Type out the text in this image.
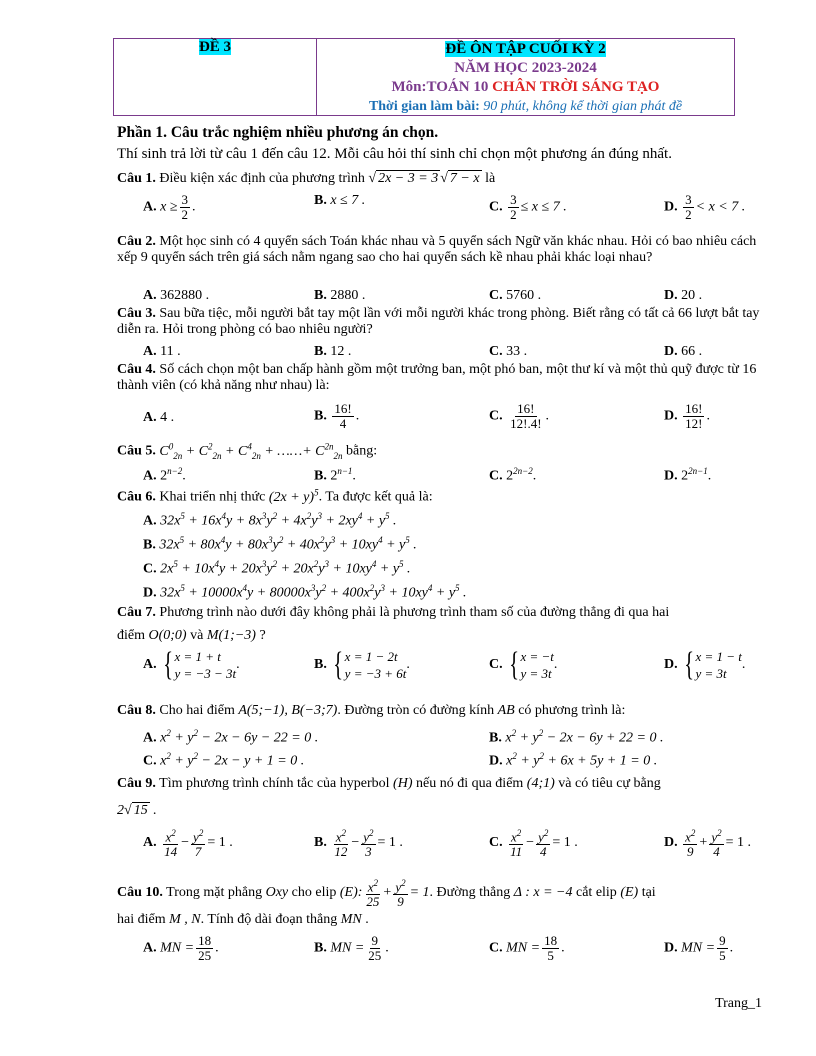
ĐỀ 3	ĐỀ ÔN TẬP CUỐI KỲ 2
NĂM HỌC 2023-2024
Môn:TOÁN 10 CHÂN TRỜI SÁNG TẠO
Thời gian làm bài: 90 phút, không kể thời gian phát đề
Phần 1. Câu trắc nghiệm nhiều phương án chọn.
Thí sinh trả lời từ câu 1 đến câu 12. Mỗi câu hỏi thí sinh chỉ chọn một phương án đúng nhất.
Câu 1. Điều kiện xác định của phương trình √ 2x − 3 = 3 √ 7 − x là
A. $x \ge \frac{3}{2}$ .	B. x ≤ 7 .	C. $\frac{3}{2} \le x \le 7$ .	D. $\frac{3}{2} < x < 7$ .
Câu 2. Một học sinh có 4 quyển sách Toán khác nhau và 5 quyển sách Ngữ văn khác nhau. Hỏi có bao nhiêu cách xếp 9 quyển sách trên giá sách nằm ngang sao cho hai quyển sách kề nhau phải khác loại nhau?
A. 362880 .	B. 2880 .	C. 5760 .	D. 20 .
Câu 3. Sau bữa tiệc, mỗi người bắt tay một lần với mỗi người khác trong phòng. Biết rằng có tất cả 66 lượt bắt tay diễn ra. Hỏi trong phòng có bao nhiêu người?
A. 11 .	B. 12 .	C. 33 .	D. 66 .
Câu 4. Số cách chọn một ban chấp hành gồm một trưởng ban, một phó ban, một thư kí và một thủ quỹ được từ 16 thành viên (có khả năng như nhau) là:
A. 4 .	B. $\frac{16!}{4}$ .	C. $\frac{16!}{12!.4!}$ .	D. $\frac{16!}{12!}$ .
Câu 5. $C^0_{2n} + C^2_{2n} + C^4_{2n}$ + ……+ $C^{2n}_{2n}$ bằng:
A. $2^{n-2}$.	B. $2^{n-1}$.	C. $2^{2n-2}$.	D. $2^{2n-1}$.
Câu 6. Khai triển nhị thức $(2x + y)^5$. Ta được kết quả là:
A. $32x^5 + 16x^4y + 8x^3y^2 + 4x^2y^3 + 2xy^4 + y^5$ .
B. $32x^5 + 80x^4y + 80x^3y^2 + 40x^2y^3 + 10xy^4 + y^5$ .
C. $2x^5 + 10x^4y + 20x^3y^2 + 20x^2y^3 + 10xy^4 + y^5$ .
D. $32x^5 + 10000x^4y + 80000x^3y^2 + 400x^2y^3 + 10xy^4 + y^5$ .
Câu 7. Phương trình nào dưới đây không phải là phương trình tham số của đường thẳng đi qua hai
điểm O(0;0) và M(1;−3) ?
A. { x = 1 + t
y = −3 − 3t
.	B. { x = 1 − 2t
y = −3 + 6t
.	C. { x = −t
y = 3t
.	D. { x = 1 − t
y = 3t
.
Câu 8. Cho hai điểm A(5;−1), B(−3;7). Đường tròn có đường kính AB có phương trình là:
A. $x^2 + y^2 - 2x - 6y - 22 = 0$ .	B. $x^2 + y^2 - 2x - 6y + 22 = 0$ .
C. $x^2 + y^2 - 2x - y + 1 = 0$ .	D. $x^2 + y^2 + 6x + 5y + 1 = 0$ .
Câu 9. Tìm phương trình chính tắc của hyperbol (H) nếu nó đi qua điểm (4;1) và có tiêu cự bằng
2√ 15 .
A. $\frac{x^2}{14} - \frac{y^2}{7} = 1$ .	B. $\frac{x^2}{12} - \frac{y^2}{3} = 1$ .	C. $\frac{x^2}{11} - \frac{y^2}{4} = 1$ .	D. $\frac{x^2}{9} + \frac{y^2}{4} = 1$ .
Câu 10. Trong mặt phẳng Oxy cho elip (E): $\frac{x^2}{25} + \frac{y^2}{9} = 1$. Đường thẳng Δ : x = −4 cắt elip (E) tại
hai điểm M , N. Tính độ dài đoạn thẳng MN .
A. MN = $\frac{18}{25}$ .	B. MN = $\frac{9}{25}$ .	C. MN = $\frac{18}{5}$ .	D. MN = $\frac{9}{5}$ .
Trang_1
